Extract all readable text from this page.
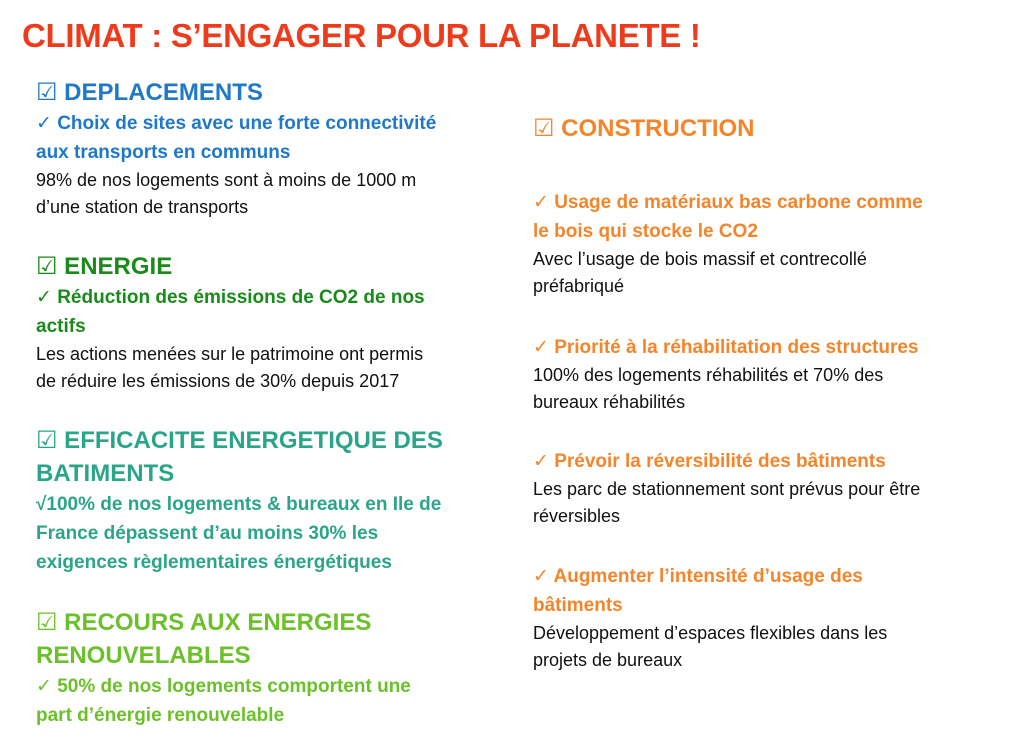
CLIMAT : S’ENGAGER POUR LA PLANETE !
☑ DEPLACEMENTS
✓ Choix de sites avec une forte connectivité
aux transports en communs
98% de nos logements sont à moins de 1000 m
d’une station de transports
☑ ENERGIE
✓ Réduction des émissions de CO2 de nos
actifs
Les actions menées sur le patrimoine ont permis
de réduire les émissions de 30% depuis 2017
☑ EFFICACITE ENERGETIQUE DES
BATIMENTS
√100% de nos logements & bureaux en Ile de
France dépassent d’au moins 30% les
exigences règlementaires énergétiques
☑ RECOURS AUX ENERGIES
RENOUVELABLES
✓ 50% de nos logements comportent une
part d’énergie renouvelable
☑ CONSTRUCTION
✓ Usage de matériaux bas carbone comme
le bois qui stocke le CO2
Avec l’usage de bois massif et contrecollé
préfabriqué
✓ Priorité à la réhabilitation des structures
100% des logements réhabilités et 70% des
bureaux réhabilités
✓ Prévoir la réversibilité des bâtiments
Les parc de stationnement sont prévus pour être
réversibles
✓ Augmenter l’intensité d’usage des
bâtiments
Développement d’espaces flexibles dans les
projets de bureaux
